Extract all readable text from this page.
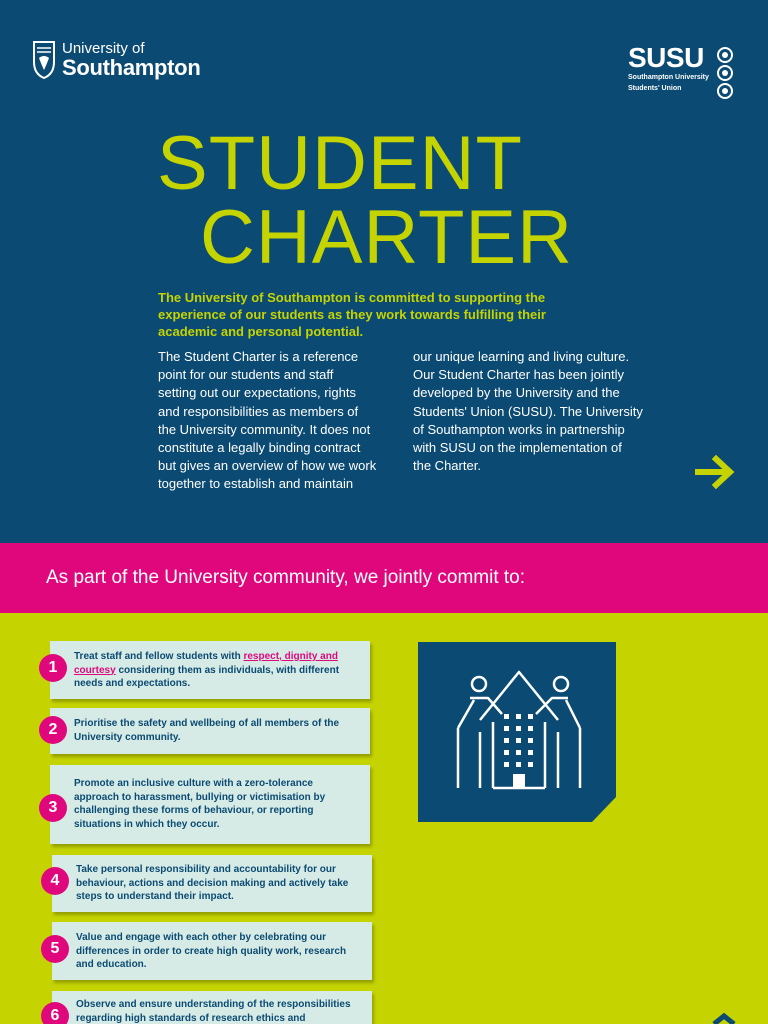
University of
Southampton	SUSU
Southampton University
Students' Union
STUDENT
CHARTER
The University of Southampton is committed to supporting the experience of our students as they work towards fulfilling their academic and personal potential.
The Student Charter is a reference
point for our students and staff
setting out our expectations, rights
and responsibilities as members of
the University community. It does not
constitute a legally binding contract
but gives an overview of how we work
together to establish and maintain
our unique learning and living culture.
Our Student Charter has been jointly
developed by the University and the
Students' Union (SUSU). The University
of Southampton works in partnership
with SUSU on the implementation of
the Charter.
As part of the University community, we jointly commit to:
Treat staff and fellow students with respect, dignity and courtesy considering them as individuals, with different needs and expectations.
1
Prioritise the safety and wellbeing of all members of the University community.
2
Promote an inclusive culture with a zero-tolerance approach to harassment, bullying or victimisation by challenging these forms of behaviour, or reporting situations in which they occur.
3
Take personal responsibility and accountability for our behaviour, actions and decision making and actively take steps to understand their impact.
4
Value and engage with each other by celebrating our differences in order to create high quality work, research and education.
5
Observe and ensure understanding of the responsibilities regarding high standards of research ethics and
6
